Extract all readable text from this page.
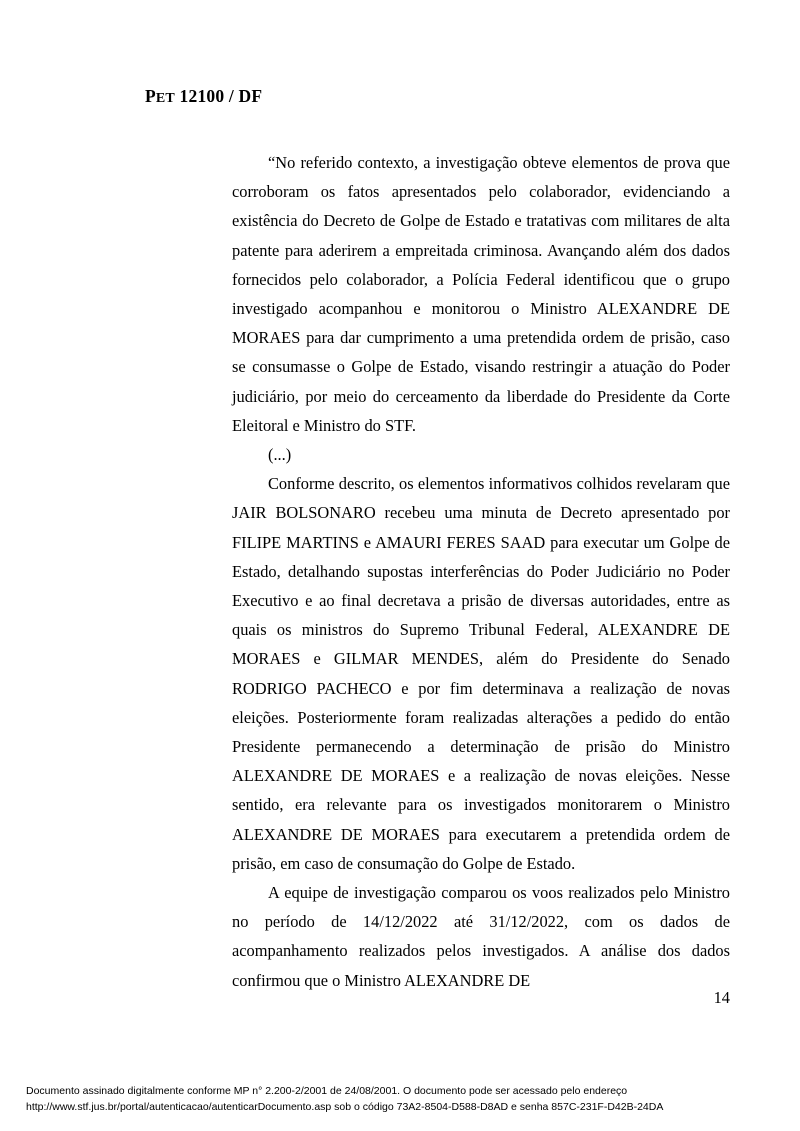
PET 12100 / DF

“No referido contexto, a investigação obteve elementos de prova que corroboram os fatos apresentados pelo colaborador, evidenciando a existência do Decreto de Golpe de Estado e tratativas com militares de alta patente para aderirem a empreitada criminosa. Avançando além dos dados fornecidos pelo colaborador, a Polícia Federal identificou que o grupo investigado acompanhou e monitorou o Ministro ALEXANDRE DE MORAES para dar cumprimento a uma pretendida ordem de prisão, caso se consumasse o Golpe de Estado, visando restringir a atuação do Poder judiciário, por meio do cerceamento da liberdade do Presidente da Corte Eleitoral e Ministro do STF.

(...)

Conforme descrito, os elementos informativos colhidos revelaram que JAIR BOLSONARO recebeu uma minuta de Decreto apresentado por FILIPE MARTINS e AMAURI FERES SAAD para executar um Golpe de Estado, detalhando supostas interferências do Poder Judiciário no Poder Executivo e ao final decretava a prisão de diversas autoridades, entre as quais os ministros do Supremo Tribunal Federal, ALEXANDRE DE MORAES e GILMAR MENDES, além do Presidente do Senado RODRIGO PACHECO e por fim determinava a realização de novas eleições. Posteriormente foram realizadas alterações a pedido do então Presidente permanecendo a determinação de prisão do Ministro ALEXANDRE DE MORAES e a realização de novas eleições. Nesse sentido, era relevante para os investigados monitorarem o Ministro ALEXANDRE DE MORAES para executarem a pretendida ordem de prisão, em caso de consumação do Golpe de Estado.

A equipe de investigação comparou os voos realizados pelo Ministro no período de 14/12/2022 até 31/12/2022, com os dados de acompanhamento realizados pelos investigados. A análise dos dados confirmou que o Ministro ALEXANDRE DE

14
Documento assinado digitalmente conforme MP n° 2.200-2/2001 de 24/08/2001. O documento pode ser acessado pelo endereço
http://www.stf.jus.br/portal/autenticacao/autenticarDocumento.asp sob o código 73A2-8504-D588-D8AD e senha 857C-231F-D42B-24DA
